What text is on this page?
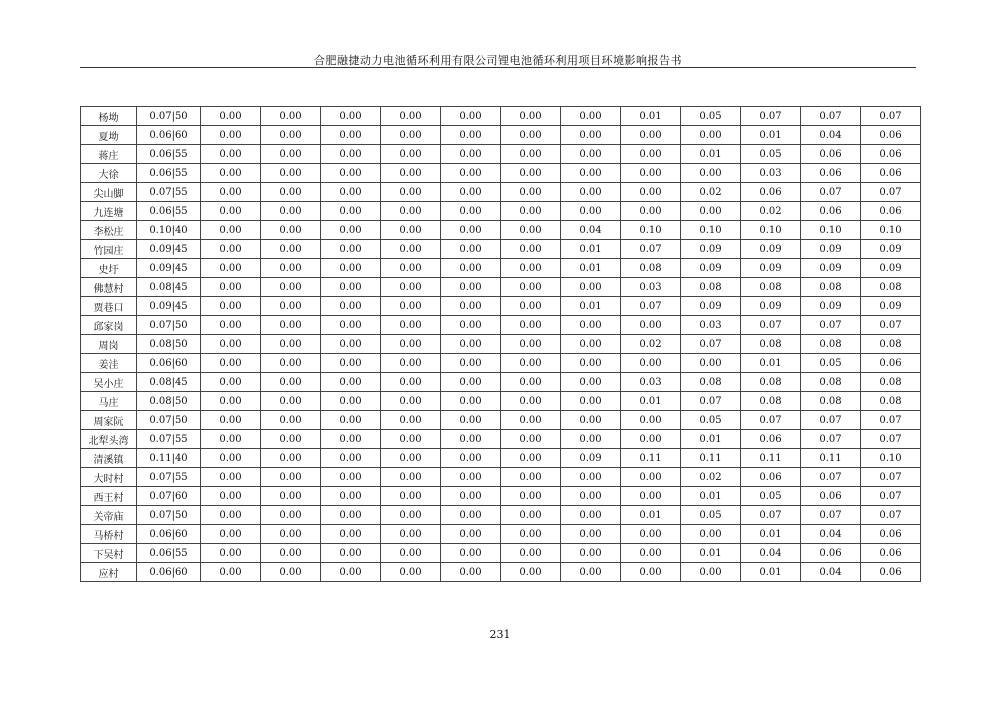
合肥融捷动力电池循环利用有限公司锂电池循环利用项目环境影响报告书
杨坳	0.07|50	0.00	0.00	0.00	0.00	0.00	0.00	0.00	0.01	0.05	0.07	0.07	0.07
夏坳	0.06|60	0.00	0.00	0.00	0.00	0.00	0.00	0.00	0.00	0.00	0.01	0.04	0.06
蒋庄	0.06|55	0.00	0.00	0.00	0.00	0.00	0.00	0.00	0.00	0.01	0.05	0.06	0.06
大徐	0.06|55	0.00	0.00	0.00	0.00	0.00	0.00	0.00	0.00	0.00	0.03	0.06	0.06
尖山脚	0.07|55	0.00	0.00	0.00	0.00	0.00	0.00	0.00	0.00	0.02	0.06	0.07	0.07
九连塘	0.06|55	0.00	0.00	0.00	0.00	0.00	0.00	0.00	0.00	0.00	0.02	0.06	0.06
李松庄	0.10|40	0.00	0.00	0.00	0.00	0.00	0.00	0.04	0.10	0.10	0.10	0.10	0.10
竹园庄	0.09|45	0.00	0.00	0.00	0.00	0.00	0.00	0.01	0.07	0.09	0.09	0.09	0.09
史圩	0.09|45	0.00	0.00	0.00	0.00	0.00	0.00	0.01	0.08	0.09	0.09	0.09	0.09
佛慧村	0.08|45	0.00	0.00	0.00	0.00	0.00	0.00	0.00	0.03	0.08	0.08	0.08	0.08
贾巷口	0.09|45	0.00	0.00	0.00	0.00	0.00	0.00	0.01	0.07	0.09	0.09	0.09	0.09
邱家岗	0.07|50	0.00	0.00	0.00	0.00	0.00	0.00	0.00	0.00	0.03	0.07	0.07	0.07
周岗	0.08|50	0.00	0.00	0.00	0.00	0.00	0.00	0.00	0.02	0.07	0.08	0.08	0.08
姜洼	0.06|60	0.00	0.00	0.00	0.00	0.00	0.00	0.00	0.00	0.00	0.01	0.05	0.06
吴小庄	0.08|45	0.00	0.00	0.00	0.00	0.00	0.00	0.00	0.03	0.08	0.08	0.08	0.08
马庄	0.08|50	0.00	0.00	0.00	0.00	0.00	0.00	0.00	0.01	0.07	0.08	0.08	0.08
周家阮	0.07|50	0.00	0.00	0.00	0.00	0.00	0.00	0.00	0.00	0.05	0.07	0.07	0.07
北犁头湾	0.07|55	0.00	0.00	0.00	0.00	0.00	0.00	0.00	0.00	0.01	0.06	0.07	0.07
清溪镇	0.11|40	0.00	0.00	0.00	0.00	0.00	0.00	0.09	0.11	0.11	0.11	0.11	0.10
大时村	0.07|55	0.00	0.00	0.00	0.00	0.00	0.00	0.00	0.00	0.02	0.06	0.07	0.07
西王村	0.07|60	0.00	0.00	0.00	0.00	0.00	0.00	0.00	0.00	0.01	0.05	0.06	0.07
关帝庙	0.07|50	0.00	0.00	0.00	0.00	0.00	0.00	0.00	0.01	0.05	0.07	0.07	0.07
马桥村	0.06|60	0.00	0.00	0.00	0.00	0.00	0.00	0.00	0.00	0.00	0.01	0.04	0.06
下吴村	0.06|55	0.00	0.00	0.00	0.00	0.00	0.00	0.00	0.00	0.01	0.04	0.06	0.06
应村	0.06|60	0.00	0.00	0.00	0.00	0.00	0.00	0.00	0.00	0.00	0.01	0.04	0.06
231
